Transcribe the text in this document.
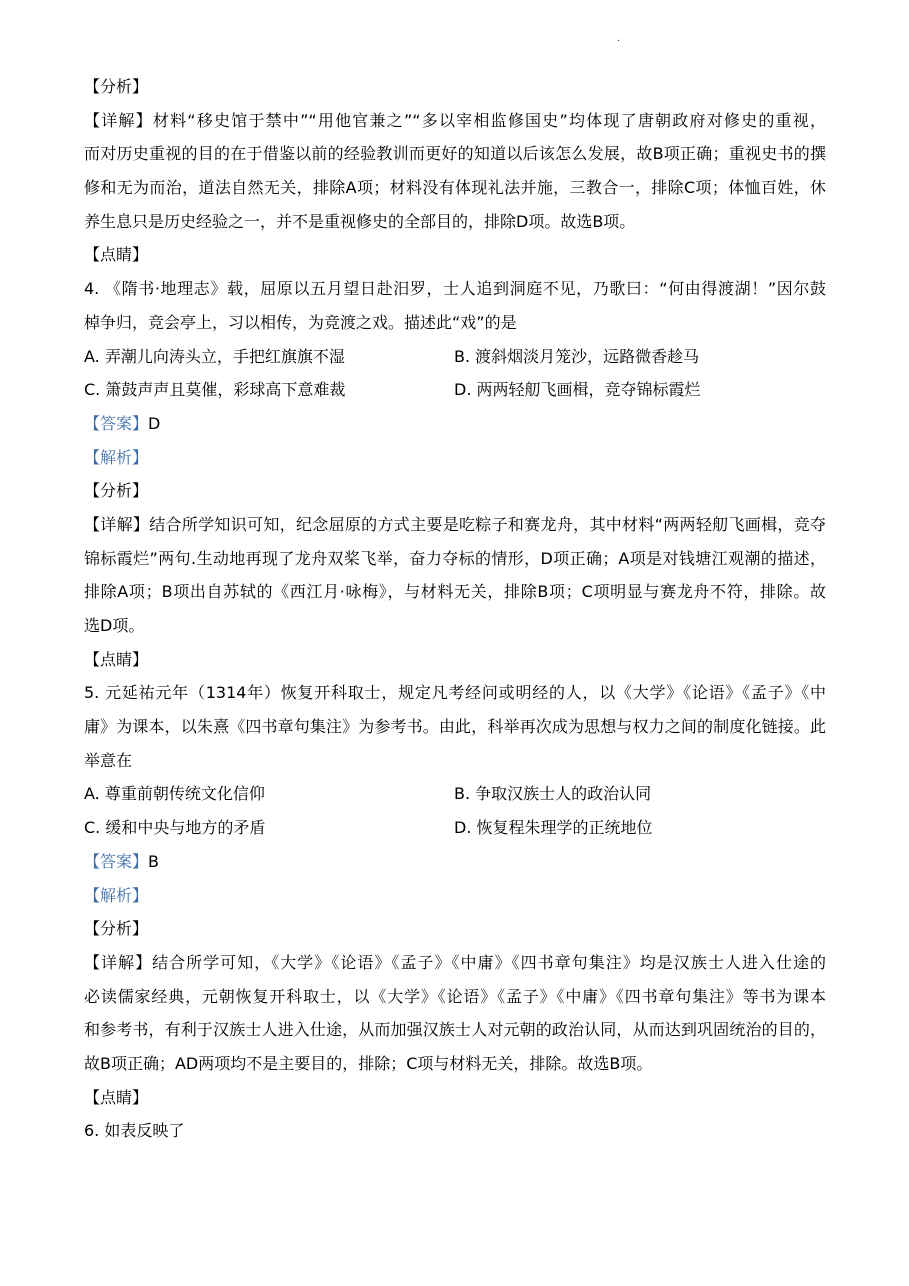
.
【分析】
【详解】材料“移史馆于禁中”“用他官兼之”“多以宰相监修国史”均体现了唐朝政府对修史的重视，
而对历史重视的目的在于借鉴以前的经验教训而更好的知道以后该怎么发展，故B项正确；重视史书的撰
修和无为而治，道法自然无关，排除A项；材料没有体现礼法并施，三教合一，排除C项；体恤百姓，休
养生息只是历史经验之一，并不是重视修史的全部目的，排除D项。故选B项。
【点睛】
4. 《隋书·地理志》载，屈原以五月望日赴汨罗，士人追到洞庭不见，乃歌曰：“何由得渡湖！”因尔鼓
棹争归，竞会亭上，习以相传，为竞渡之戏。描述此“戏”的是
A. 弄潮儿向涛头立，手把红旗旗不湿	B. 渡斜烟淡月笼沙，远路微香趁马
C. 箫鼓声声且莫催，彩球高下意难裁	D. 两两轻舠飞画楫，竞夺锦标霞烂
【答案】D
【解析】
【分析】
【详解】结合所学知识可知，纪念屈原的方式主要是吃粽子和赛龙舟，其中材料“两两轻舠飞画楫，竞夺
锦标霞烂”两句.生动地再现了龙舟双桨飞举，奋力夺标的情形，D项正确；A项是对钱塘江观潮的描述，
排除A项；B项出自苏轼的《西江月·咏梅》，与材料无关，排除B项；C项明显与赛龙舟不符，排除。故
选D项。
【点睛】
5. 元延祐元年（1314年）恢复开科取士，规定凡考经问或明经的人，以《大学》《论语》《孟子》《中
庸》为课本，以朱熹《四书章句集注》为参考书。由此，科举再次成为思想与权力之间的制度化链接。此
举意在
A. 尊重前朝传统文化信仰	B. 争取汉族士人的政治认同
C. 缓和中央与地方的矛盾	D. 恢复程朱理学的正统地位
【答案】B
【解析】
【分析】
【详解】结合所学可知，《大学》《论语》《孟子》《中庸》《四书章句集注》均是汉族士人进入仕途的
必读儒家经典，元朝恢复开科取士，以《大学》《论语》《孟子》《中庸》《四书章句集注》等书为课本
和参考书，有利于汉族士人进入仕途，从而加强汉族士人对元朝的政治认同，从而达到巩固统治的目的，
故B项正确；AD两项均不是主要目的，排除；C项与材料无关，排除。故选B项。
【点睛】
6. 如表反映了
